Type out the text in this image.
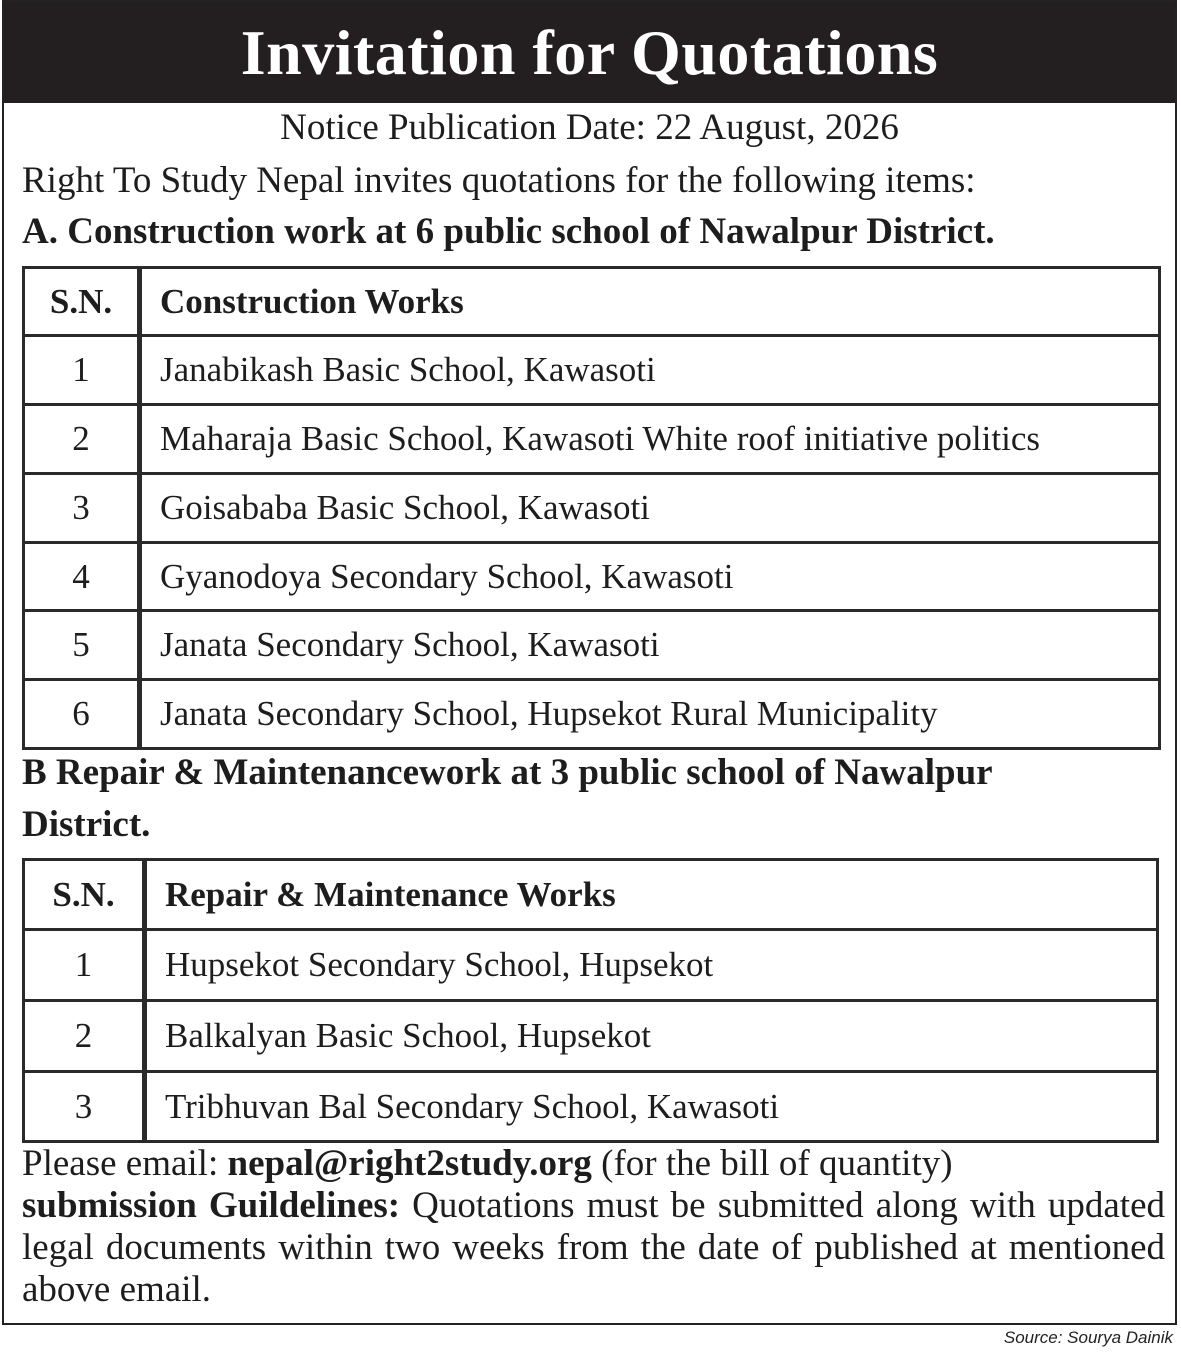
Invitation for Quotations
Notice Publication Date: 22 August, 2026
Right To Study Nepal invites quotations for the following items:
A. Construction work at 6 public school of Nawalpur District.
S.N.	Construction Works
1	Janabikash Basic School, Kawasoti
2	Maharaja Basic School, Kawasoti White roof initiative politics
3	Goisababa Basic School, Kawasoti
4	Gyanodoya Secondary School, Kawasoti
5	Janata Secondary School, Kawasoti
6	Janata Secondary School, Hupsekot Rural Municipality
B Repair & Maintenancework at 3 public school of Nawalpur
District.
S.N.	Repair & Maintenance Works
1	Hupsekot Secondary School, Hupsekot
2	Balkalyan Basic School, Hupsekot
3	Tribhuvan Bal Secondary School, Kawasoti

Please email: nepal@right2study.org (for the bill of quantity)

submission Guildelines: Quotations must be submitted along with updated legal documents within two weeks from the date of published at mentioned above email.

Source: Sourya Dainik
